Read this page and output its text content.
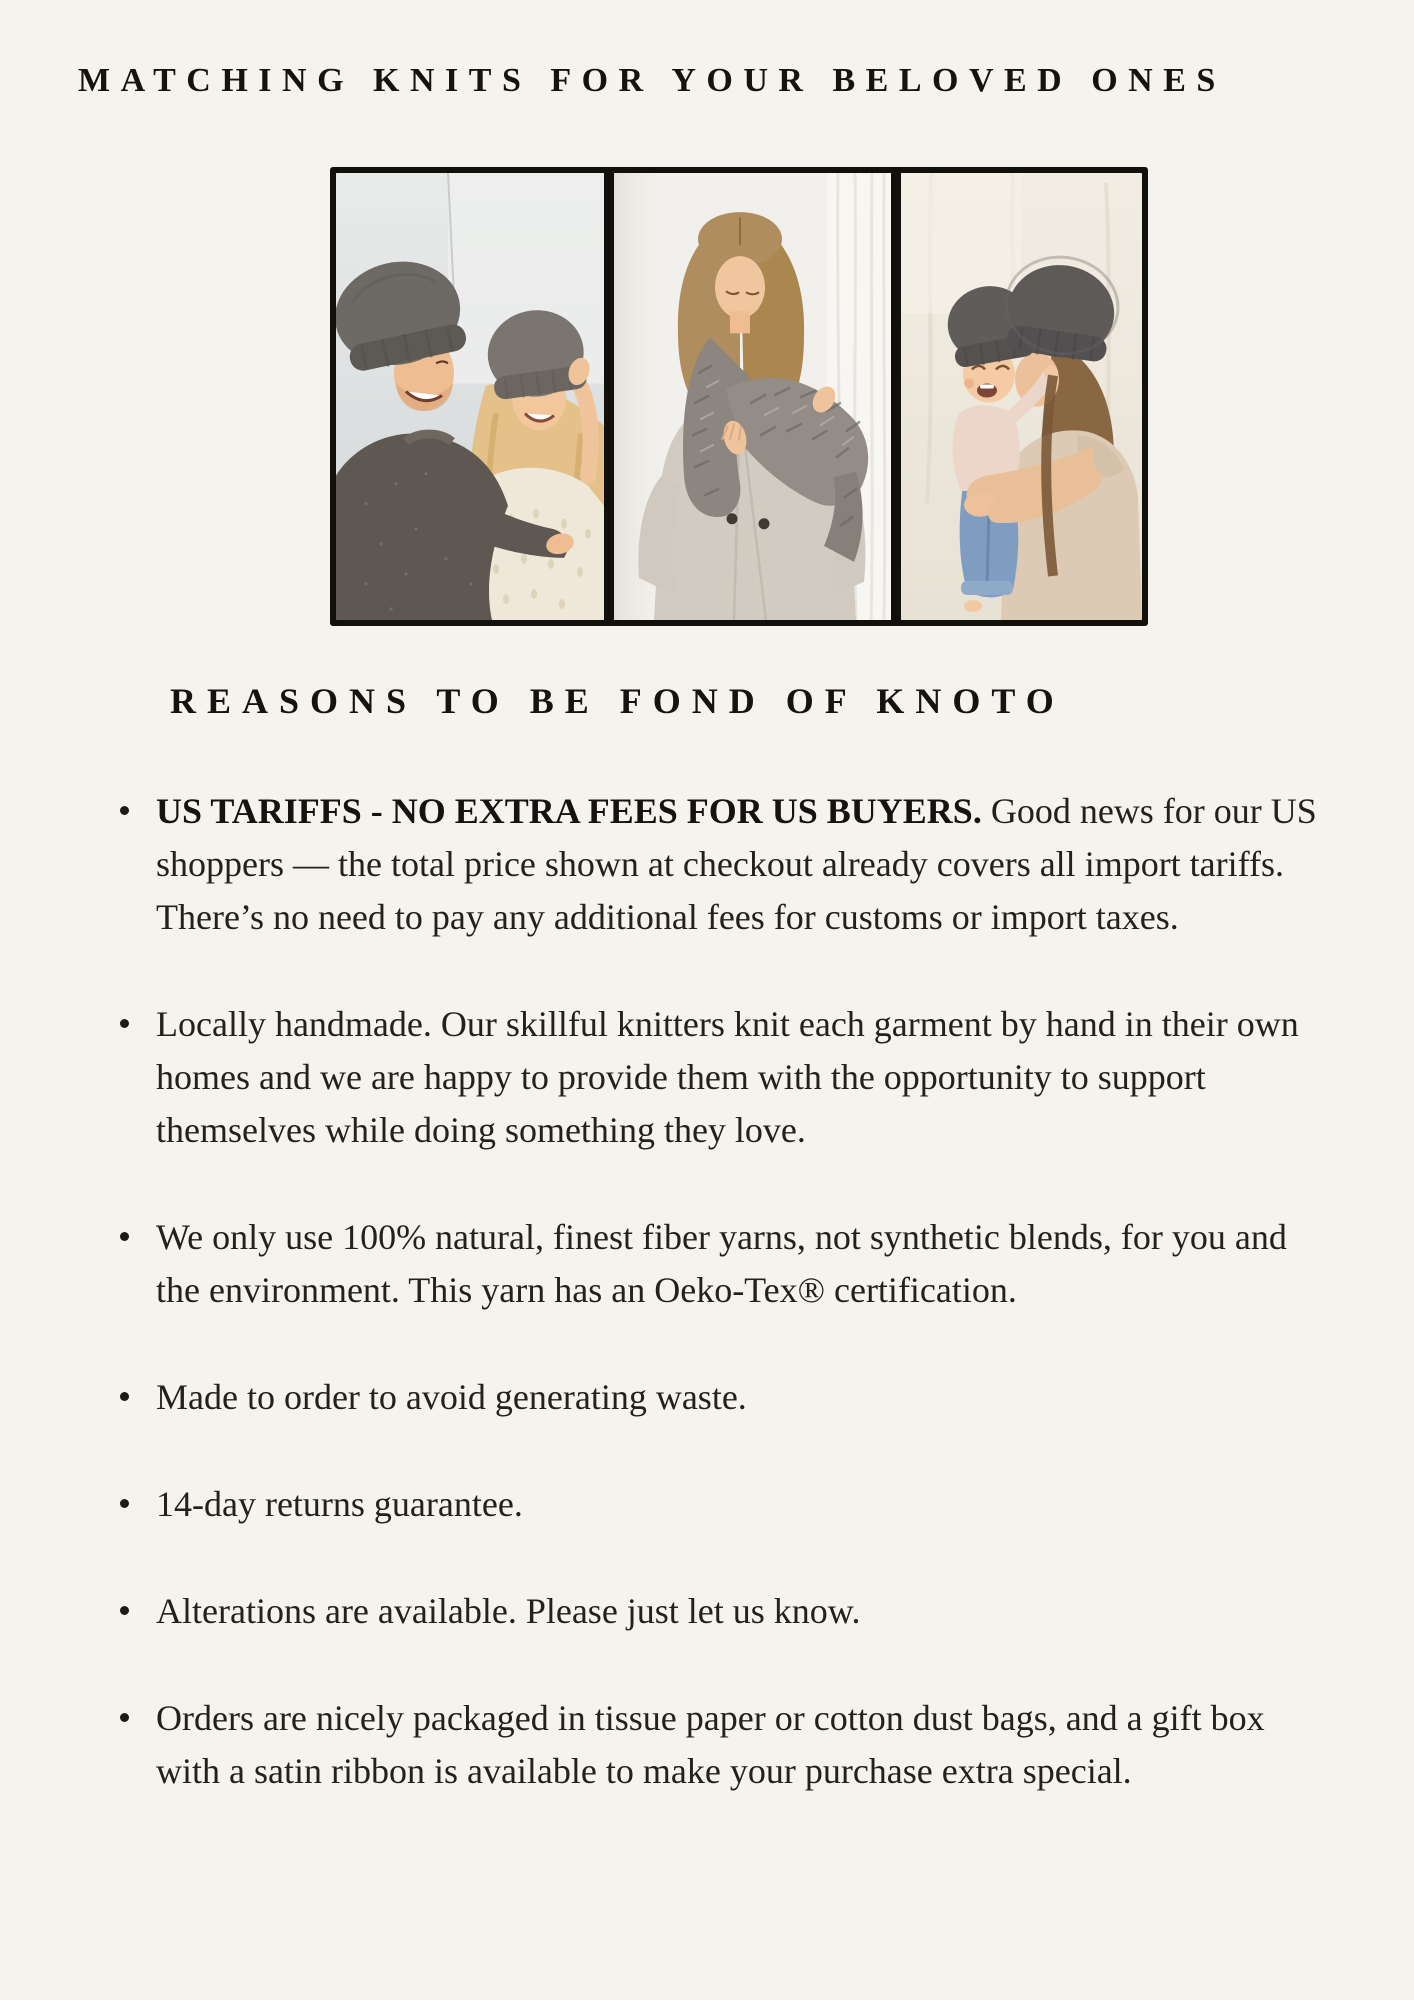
MATCHING KNITS FOR YOUR BELOVED ONES
REASONS TO BE FOND OF KNOTO
US TARIFFS - NO EXTRA FEES FOR US BUYERS. Good news for our US shoppers — the total price shown at checkout already covers all import tariffs. There’s no need to pay any additional fees for customs or import taxes.
Locally handmade. Our skillful knitters knit each garment by hand in their own homes and we are happy to provide them with the opportunity to support themselves while doing something they love.
We only use 100% natural, finest fiber yarns, not synthetic blends, for you and the environment. This yarn has an Oeko-Tex® certification.
Made to order to avoid generating waste.
14-day returns guarantee.
Alterations are available. Please just let us know.
Orders are nicely packaged in tissue paper or cotton dust bags, and a gift box with a satin ribbon is available to make your purchase extra special.
